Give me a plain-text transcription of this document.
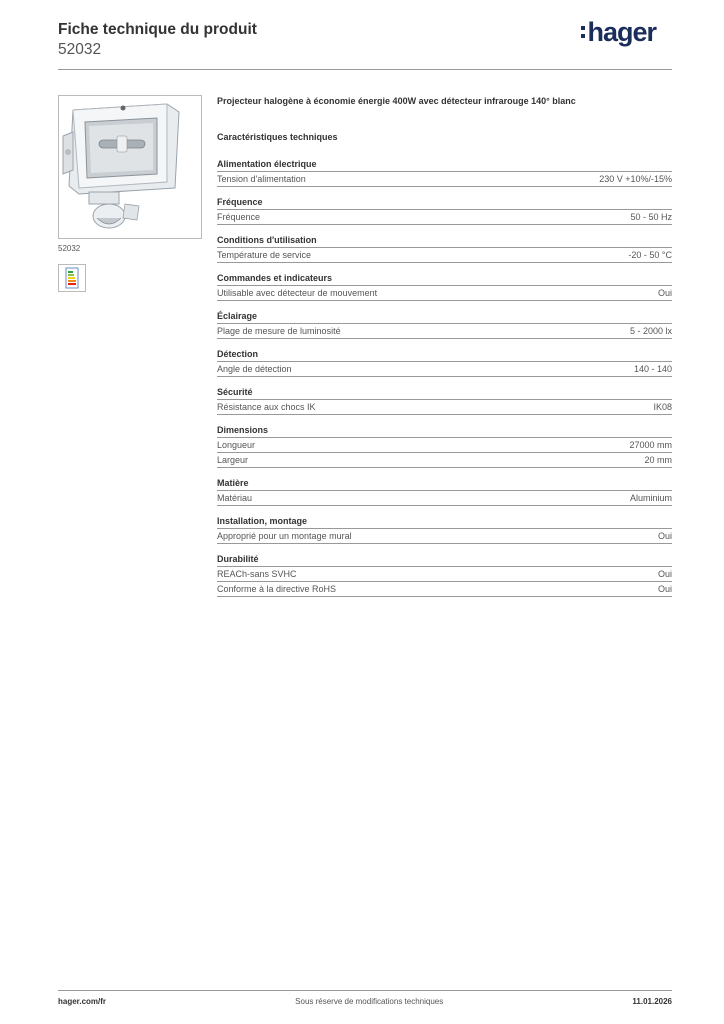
Fiche technique du produit
52032
hager
52032

Projecteur halogène à économie énergie 400W avec détecteur infrarouge 140° blanc

Caractéristiques techniques
Alimentation électrique
Tension d'alimentation	230 V +10%/-15%
Fréquence
Fréquence	50 - 50 Hz
Conditions d'utilisation
Température de service	-20 - 50 °C
Commandes et indicateurs
Utilisable avec détecteur de mouvement	Oui
Éclairage
Plage de mesure de luminosité	5 - 2000 lx
Détection
Angle de détection	140 - 140
Sécurité
Résistance aux chocs IK	IK08
Dimensions
Longueur	27000 mm
Largeur	20 mm
Matière
Matériau	Aluminium
Installation, montage
Approprié pour un montage mural	Oui
Durabilité
REACh-sans SVHC	Oui
Conforme à la directive RoHS	Oui
hager.com/fr	Sous réserve de modifications techniques	11.01.2026
